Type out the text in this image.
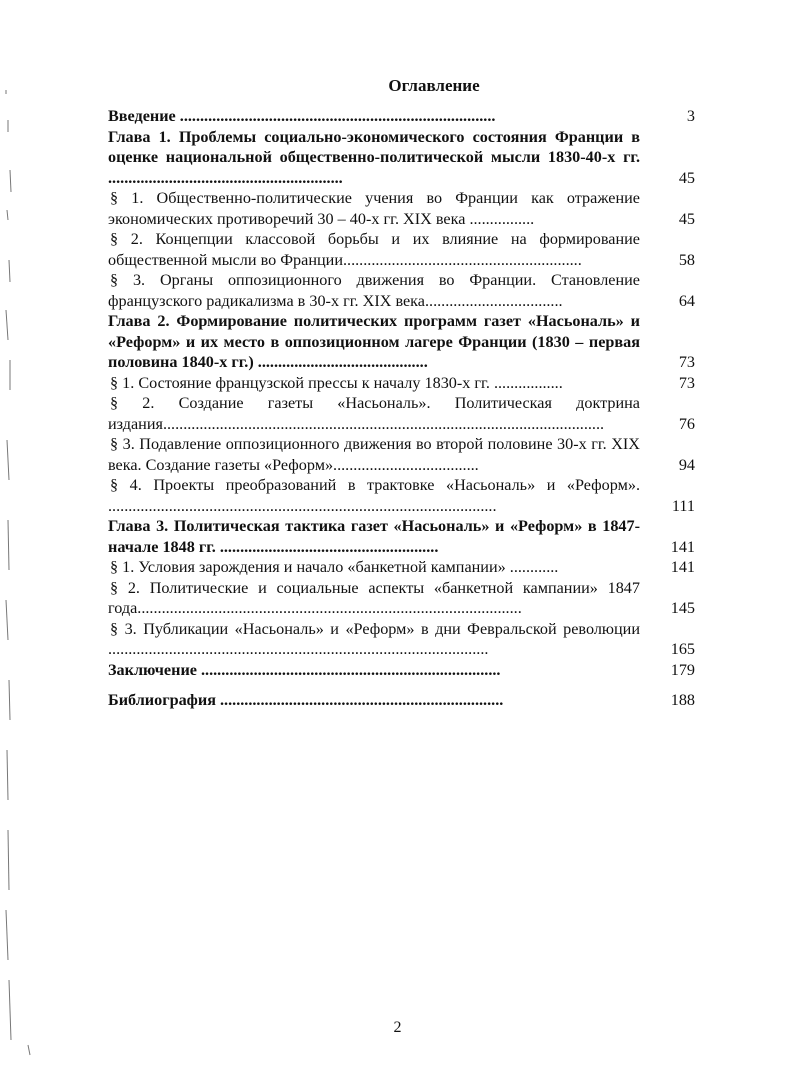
Оглавление
Введение ..............................................................................	3
Глава 1. Проблемы социально-экономического состояния Франции в оценке национальной общественно-политической мысли 1830-40-х гг. ..........................................................	45
§ 1. Общественно-политические учения во Франции как отражение экономических противоречий 30 – 40-х гг. XIX века ................	45
§ 2. Концепции классовой борьбы и их влияние на формирование общественной мысли во Франции...........................................................	58
§ 3. Органы оппозиционного движения во Франции. Становление французского радикализма в 30-х гг. XIX века..................................	64
Глава 2. Формирование политических программ газет «Насьональ» и «Реформ» и их место в оппозиционном лагере Франции (1830 – первая половина 1840-х гг.) ..........................................	73
§ 1. Состояние французской прессы к началу 1830-х гг. .................	73
§ 2. Создание газеты «Насьональ». Политическая доктрина издания.............................................................................................................	76
§ 3. Подавление оппозиционного движения во второй половине 30-х гг. XIX века. Создание газеты «Реформ»....................................	94
§ 4. Проекты преобразований в трактовке «Насьональ» и «Реформ». ................................................................................................	111
Глава 3. Политическая тактика газет «Насьональ» и «Реформ» в 1847- начале 1848 гг. ......................................................	141
§ 1. Условия зарождения и начало «банкетной кампании» ............	141
§ 2. Политические и социальные аспекты «банкетной кампании» 1847 года...............................................................................................	145
§ 3. Публикации «Насьональ» и «Реформ» в дни Февральской революции ..............................................................................................	165
Заключение ..........................................................................	179
Библиография ......................................................................	188
2
